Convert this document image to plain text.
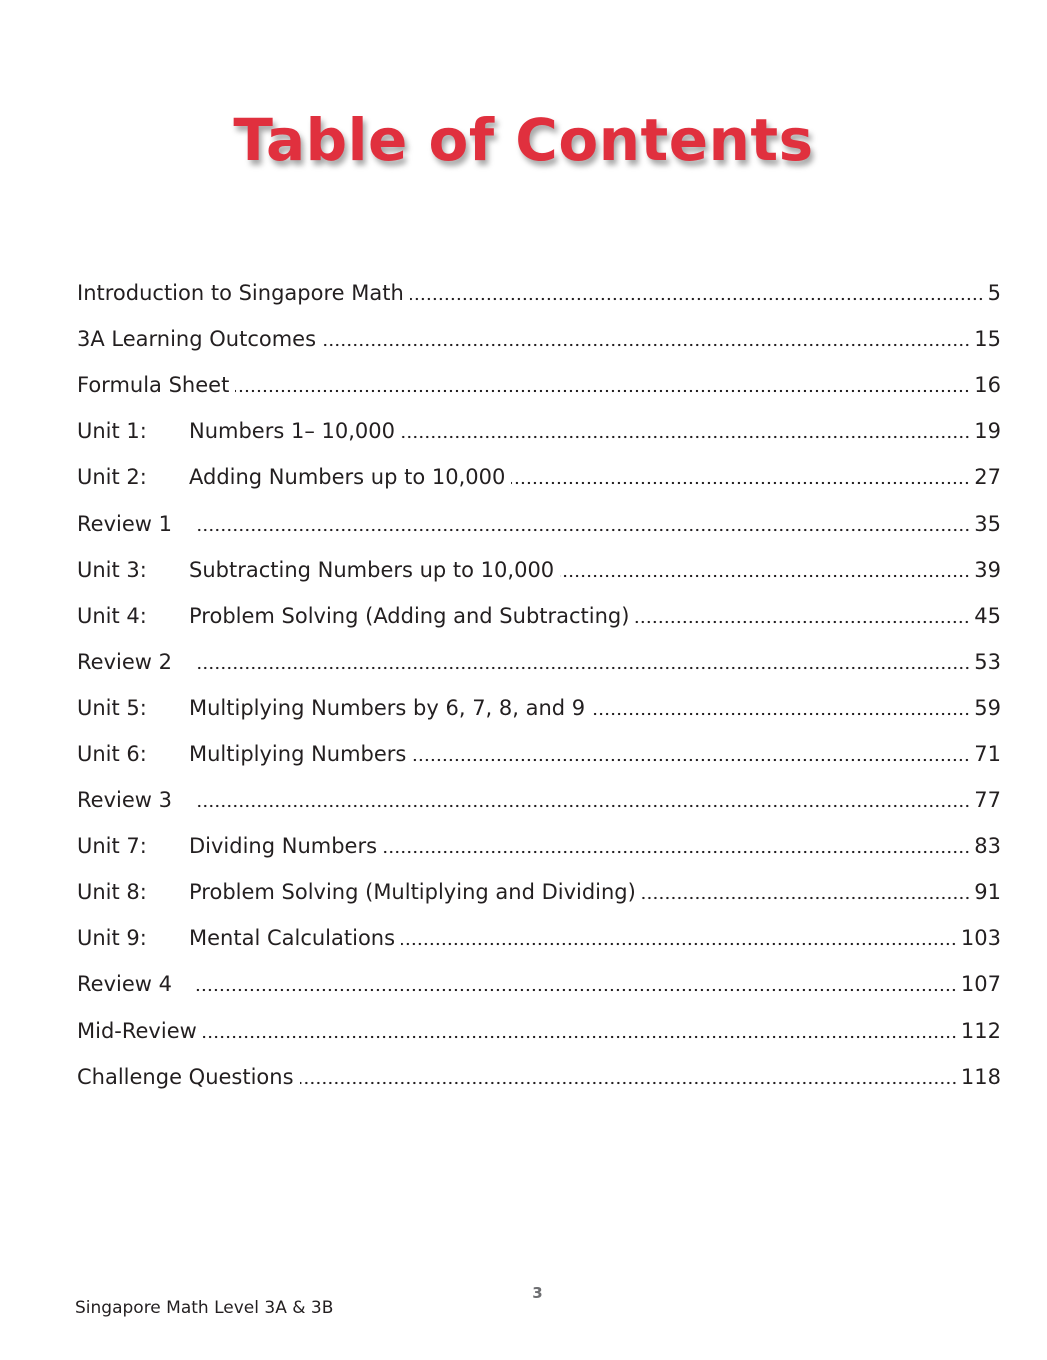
Table of Contents
Introduction to Singapore Math	5
3A Learning Outcomes	15
Formula Sheet	16
Unit 1:	Numbers 1– 10,000	19
Unit 2:	Adding Numbers up to 10,000	27
Review 1	35
Unit 3:	Subtracting Numbers up to 10,000	39
Unit 4:	Problem Solving (Adding and Subtracting)	45
Review 2	53
Unit 5:	Multiplying Numbers by 6, 7, 8, and 9	59
Unit 6:	Multiplying Numbers	71
Review 3	77
Unit 7:	Dividing Numbers	83
Unit 8:	Problem Solving (Multiplying and Dividing)	91
Unit 9:	Mental Calculations	103
Review 4	107
Mid-Review	112
Challenge Questions	118
3
Singapore Math Level 3A & 3B
